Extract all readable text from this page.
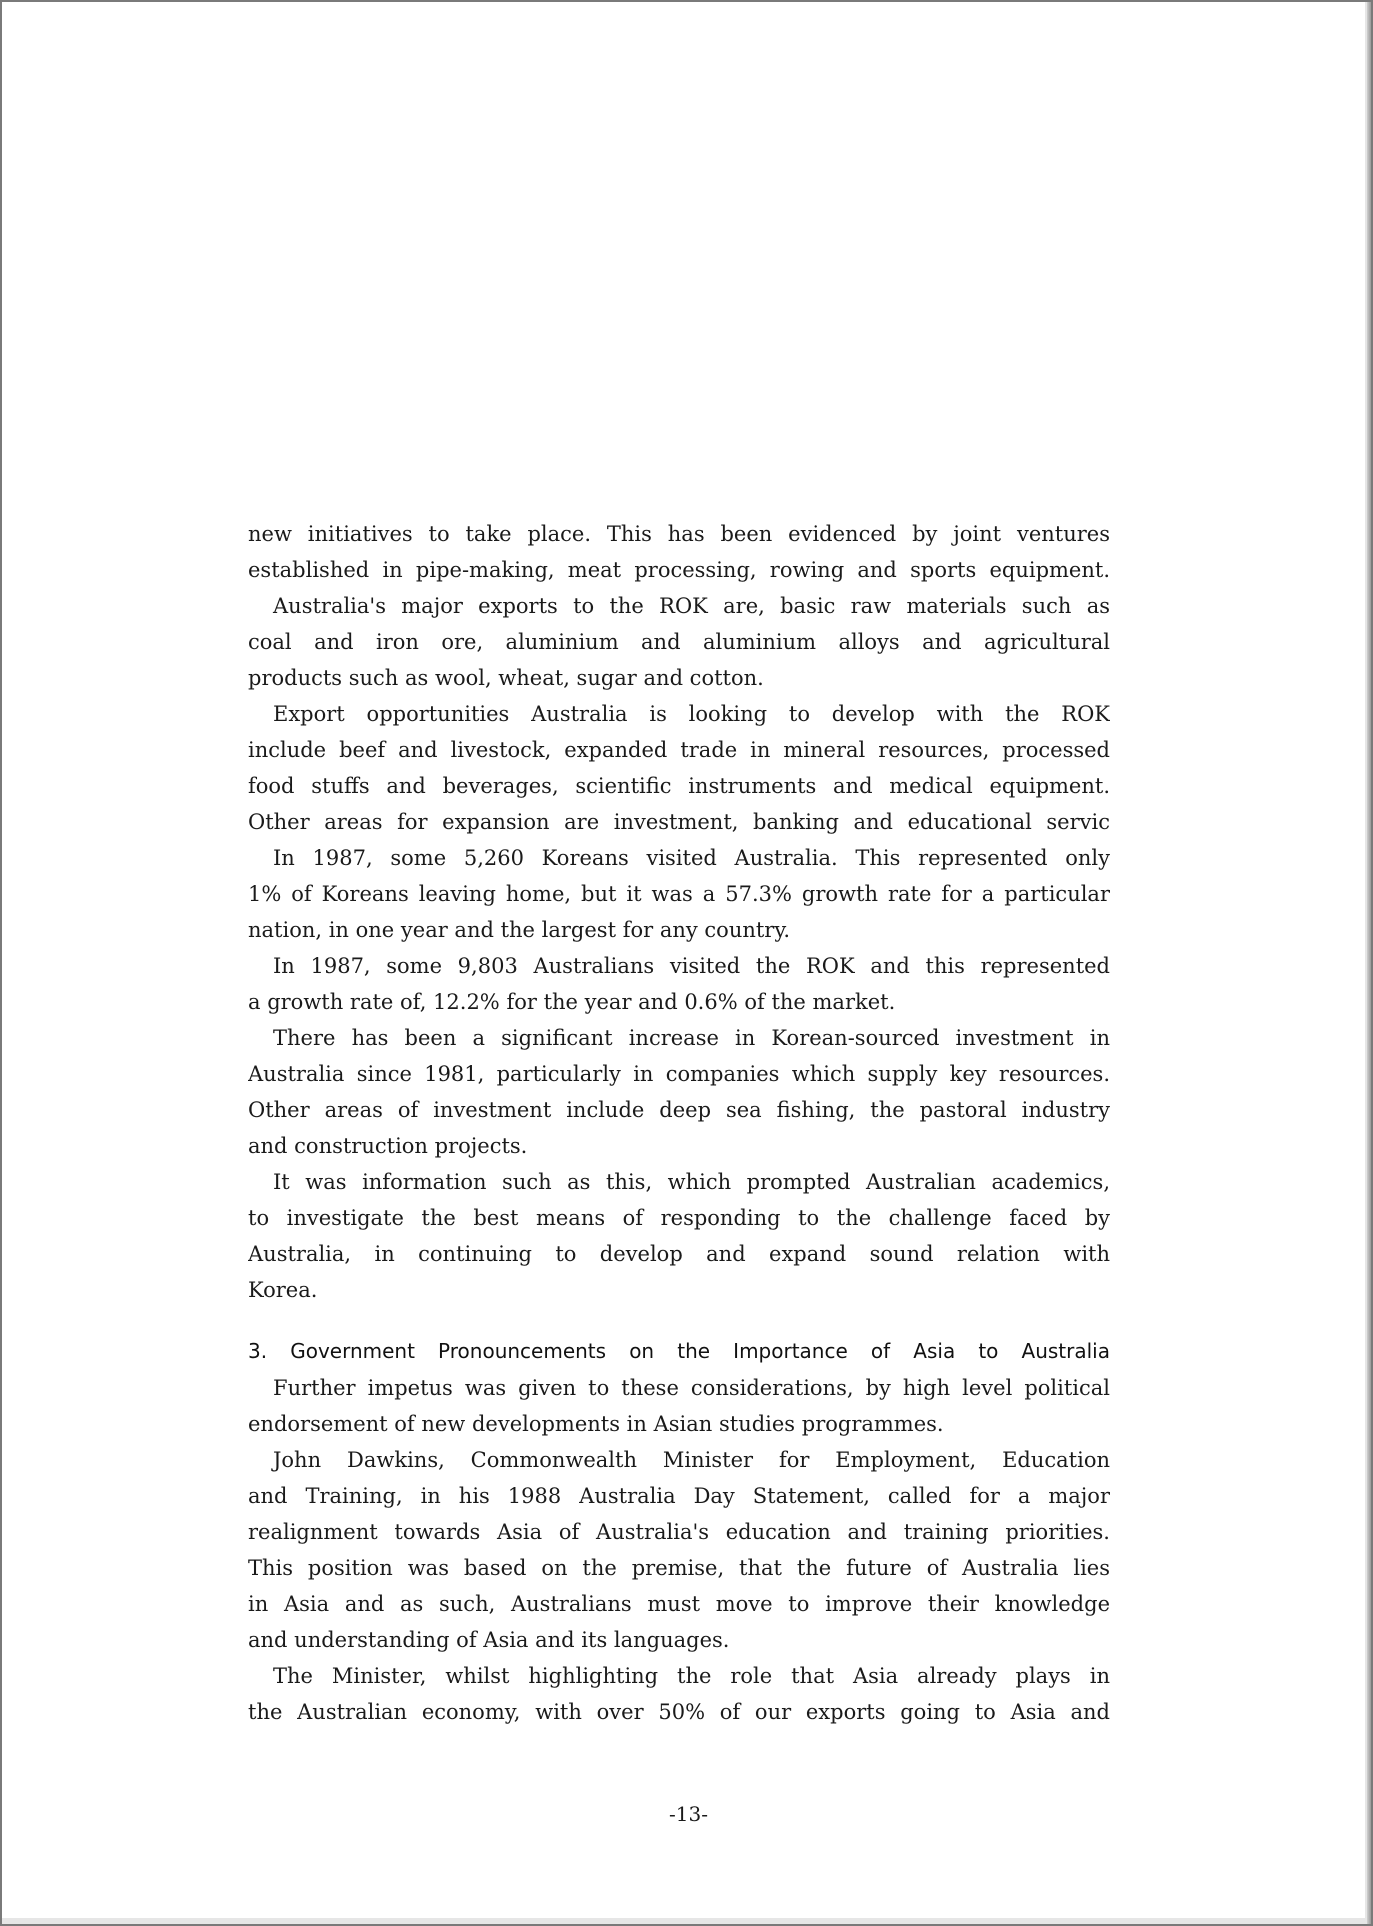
new initiatives to take place. This has been evidenced by joint ventures
established in pipe-making, meat processing, rowing and sports equipment.
Australia's major exports to the ROK are, basic raw materials such as
coal and iron ore, aluminium and aluminium alloys and agricultural
products such as wool, wheat, sugar and cotton.
Export opportunities Australia is looking to develop with the ROK
include beef and livestock, expanded trade in mineral resources, processed
food stuffs and beverages, scientific instruments and medical equipment.
Other areas for expansion are investment, banking and educational servic
In 1987, some 5,260 Koreans visited Australia. This represented only
1% of Koreans leaving home, but it was a 57.3% growth rate for a particular
nation, in one year and the largest for any country.
In 1987, some 9,803 Australians visited the ROK and this represented
a growth rate of, 12.2% for the year and 0.6% of the market.
There has been a significant increase in Korean-sourced investment in
Australia since 1981, particularly in companies which supply key resources.
Other areas of investment include deep sea fishing, the pastoral industry
and construction projects.
It was information such as this, which prompted Australian academics,
to investigate the best means of responding to the challenge faced by
Australia, in continuing to develop and expand sound relation with
Korea.
3. Government Pronouncements on the Importance of Asia to Australia
Further impetus was given to these considerations, by high level political
endorsement of new developments in Asian studies programmes.
John Dawkins, Commonwealth Minister for Employment, Education
and Training, in his 1988 Australia Day Statement, called for a major
realignment towards Asia of Australia's education and training priorities.
This position was based on the premise, that the future of Australia lies
in Asia and as such, Australians must move to improve their knowledge
and understanding of Asia and its languages.
The Minister, whilst highlighting the role that Asia already plays in
the Australian economy, with over 50% of our exports going to Asia and
-13-
